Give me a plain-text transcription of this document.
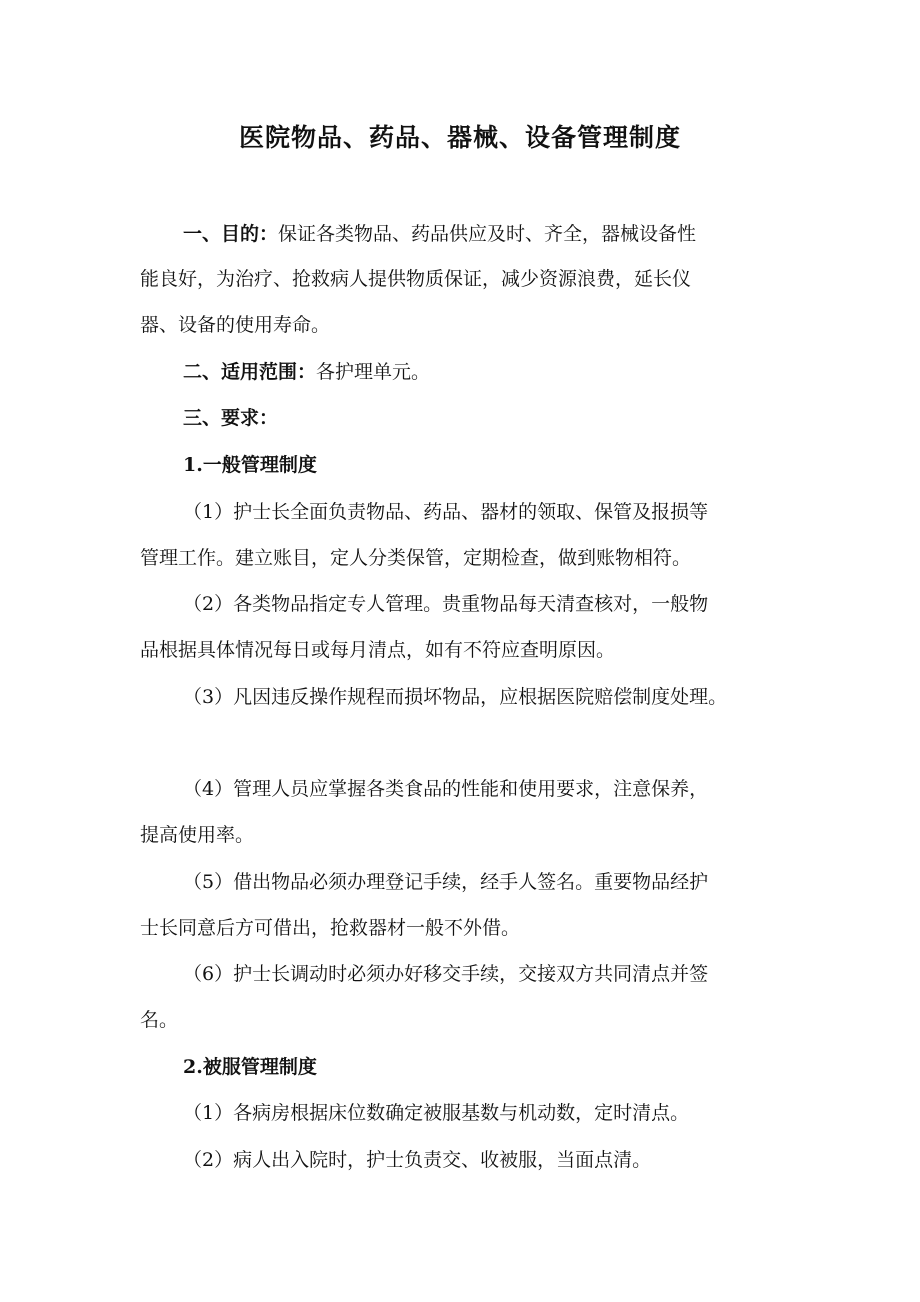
医院物品、药品、器械、设备管理制度

一、目的：保证各类物品、药品供应及时、齐全，器械设备性

能良好，为治疗、抢救病人提供物质保证，减少资源浪费，延长仪

器、设备的使用寿命。

二、适用范围：各护理单元。

三、要求：

1.一般管理制度

（1）护士长全面负责物品、药品、器材的领取、保管及报损等

管理工作。建立账目，定人分类保管，定期检查，做到账物相符。

（2）各类物品指定专人管理。贵重物品每天清查核对，一般物

品根据具体情况每日或每月清点，如有不符应查明原因。

（3）凡因违反操作规程而损坏物品，应根据医院赔偿制度处理。

（4）管理人员应掌握各类食品的性能和使用要求，注意保养，

提高使用率。

（5）借出物品必须办理登记手续，经手人签名。重要物品经护

士长同意后方可借出，抢救器材一般不外借。

（6）护士长调动时必须办好移交手续，交接双方共同清点并签

名。

2.被服管理制度

（1）各病房根据床位数确定被服基数与机动数，定时清点。

（2）病人出入院时，护士负责交、收被服，当面点清。
